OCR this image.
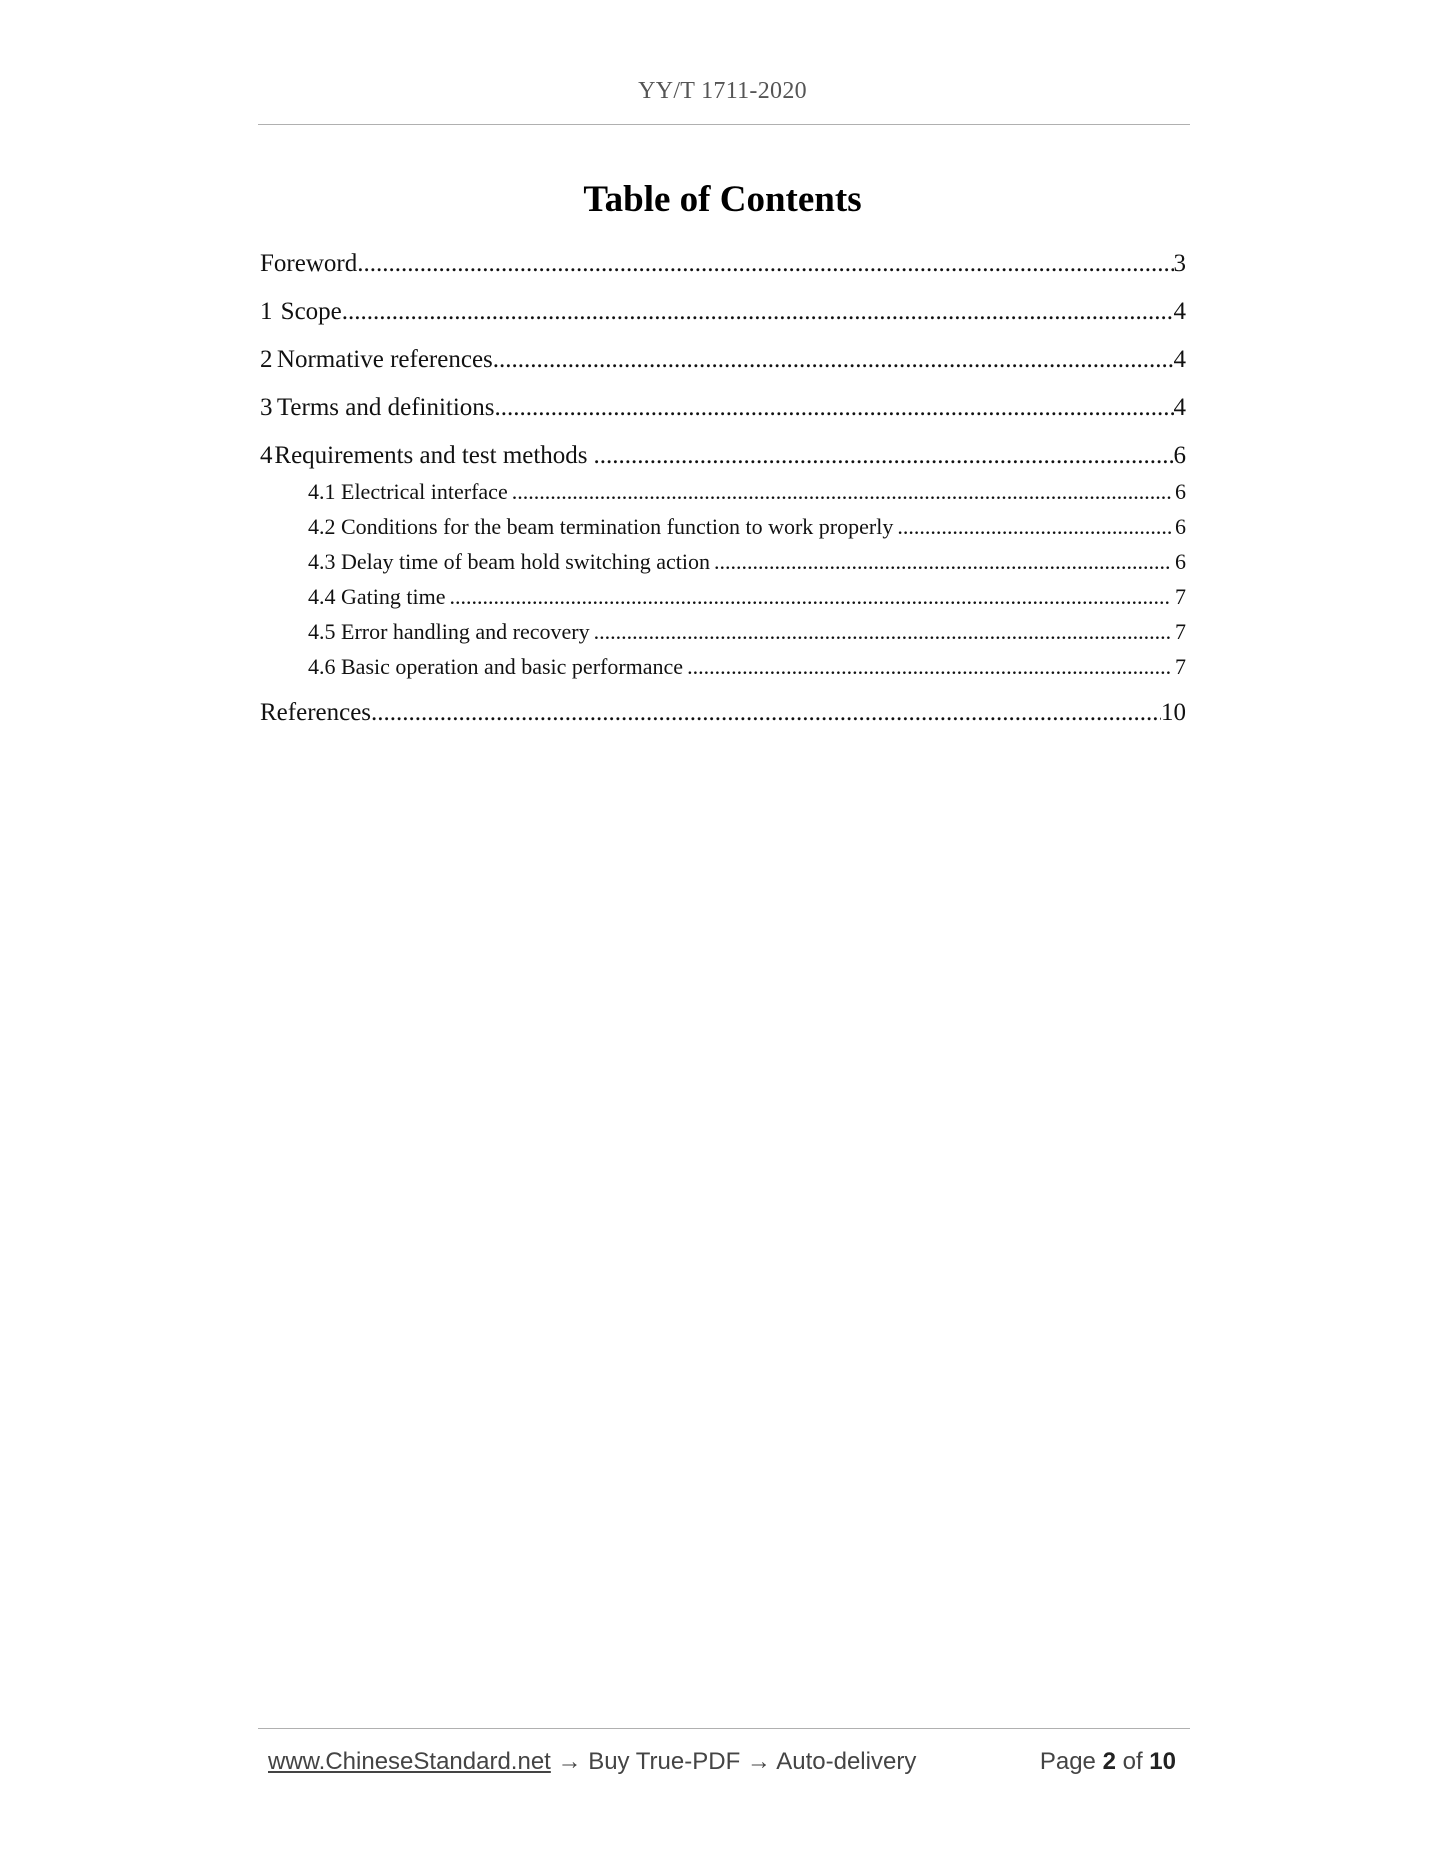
YY/T 1711-2020
Table of Contents
Foreword .....	3
1 Scope .....	4
2 Normative references .....	4
3 Terms and definitions .....	4
4 Requirements and test methods .....	6
4.1 Electrical interface .....	6
4.2 Conditions for the beam termination function to work properly .....	6
4.3 Delay time of beam hold switching action .....	6
4.4 Gating time .....	7
4.5 Error handling and recovery .....	7
4.6 Basic operation and basic performance .....	7
References .....	10
www.ChineseStandard.net → Buy True-PDF → Auto-delivery	Page 2 of 10
